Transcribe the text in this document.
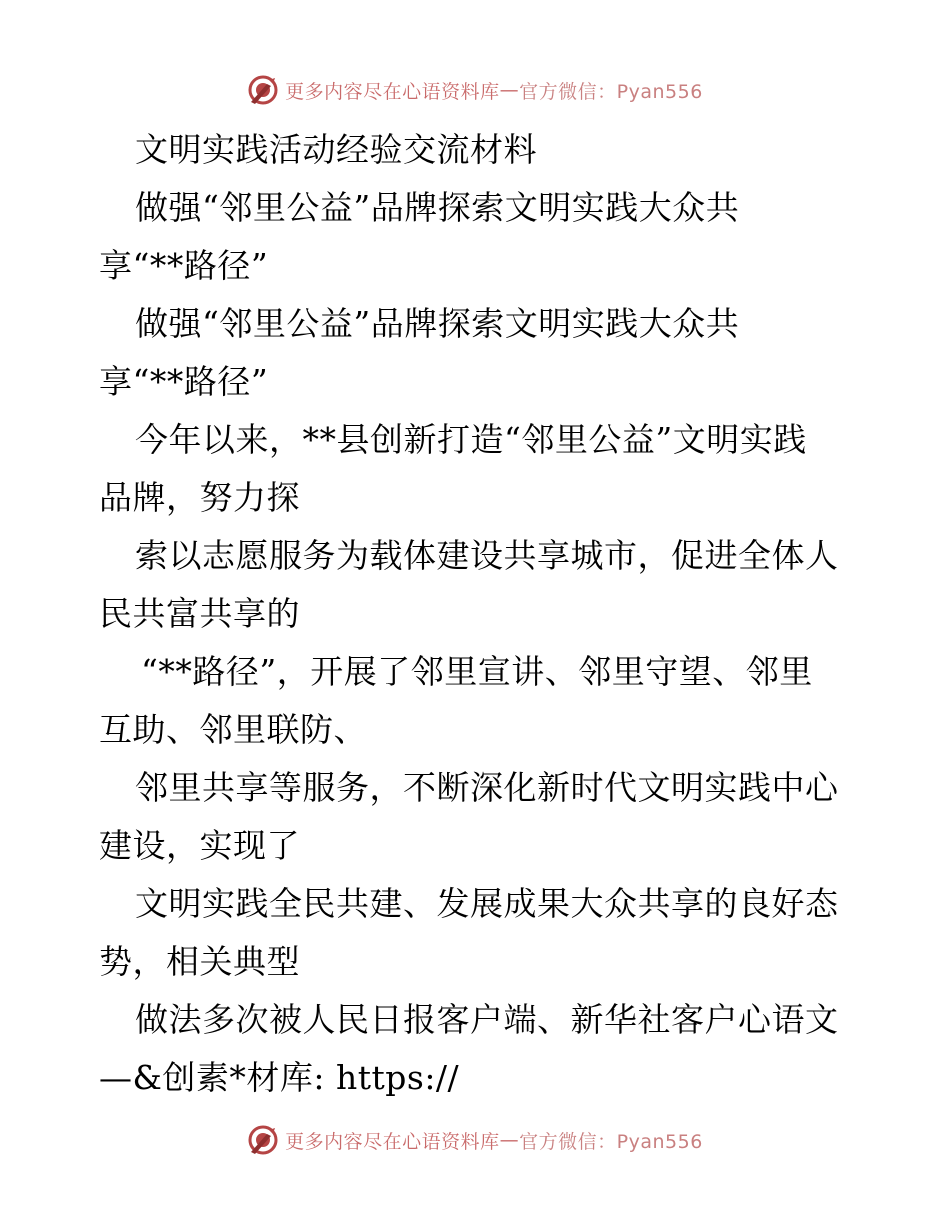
更多内容尽在心语资料库 — 官方微信：Pyan556
文明实践活动经验交流材料
做强“邻里公益”品牌探索文明实践大众共
享“**路径”
做强“邻里公益”品牌探索文明实践大众共
享“**路径”
今年以来，**县创新打造“邻里公益”文明实践
品牌，努力探
索以志愿服务为载体建设共享城市，促进全体人
民共富共享的
“**路径”，开展了邻里宣讲、邻里守望、邻里
互助、邻里联防、
邻里共享等服务，不断深化新时代文明实践中心
建设，实现了
文明实践全民共建、发展成果大众共享的良好态
势，相关典型
做法多次被人民日报客户端、新华社客户心语文
—&创素*材库: https://
更多内容尽在心语资料库 — 官方微信：Pyan556
